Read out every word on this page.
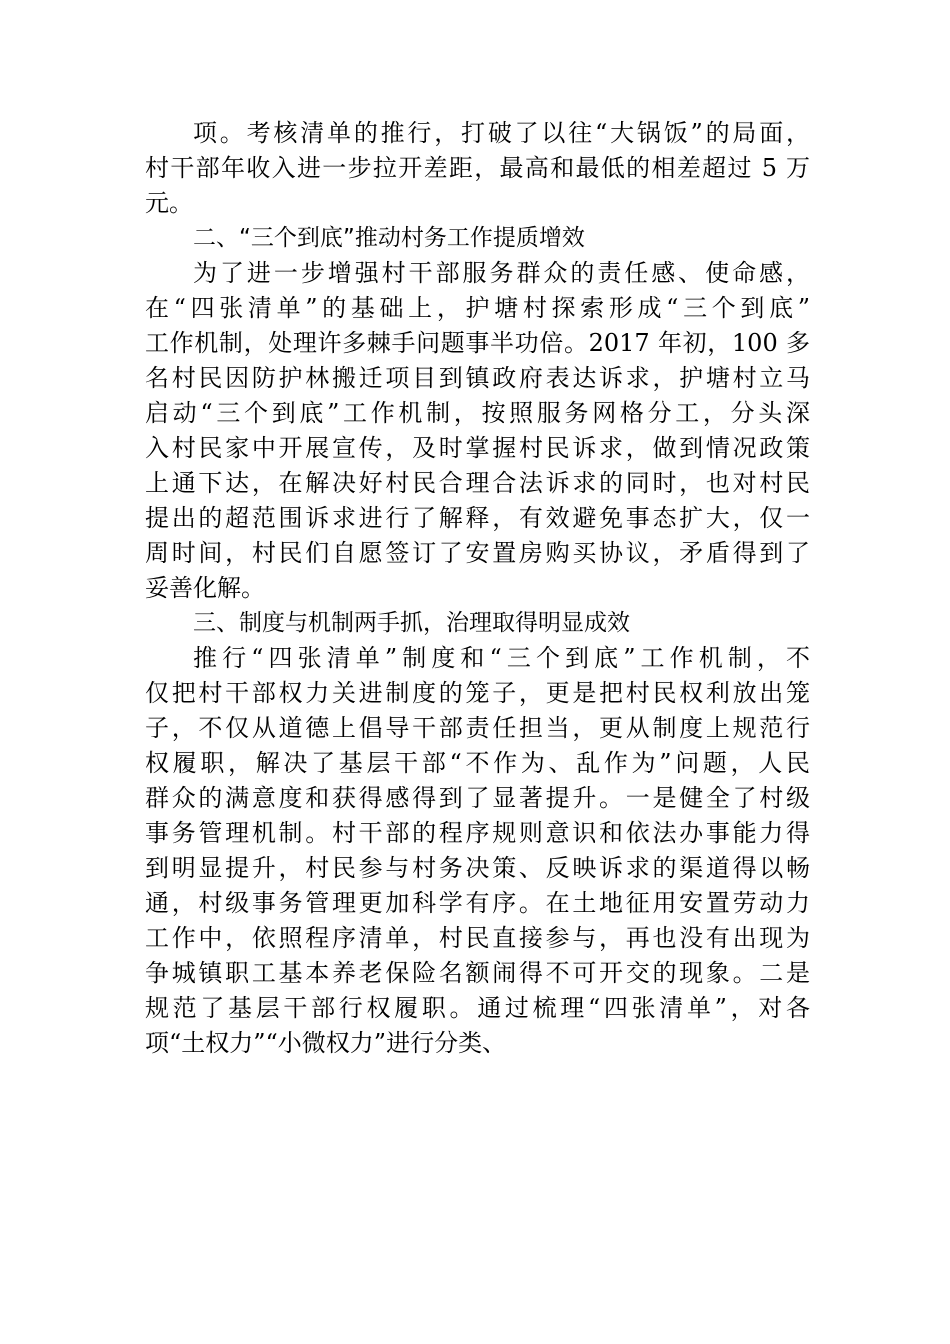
项。考核清单的推行，打破了以往“大锅饭”的局面，
村干部年收入进一步拉开差距，最高和最低的相差超过 5 万
元。
二、“三个到底”推动村务工作提质增效
为了进一步增强村干部服务群众的责任感、使命感，
在“四张清单”的基础上，护塘村探索形成“三个到底”
工作机制，处理许多棘手问题事半功倍。2017 年初，100 多
名村民因防护林搬迁项目到镇政府表达诉求，护塘村立马
启动“三个到底”工作机制，按照服务网格分工，分头深
入村民家中开展宣传，及时掌握村民诉求，做到情况政策
上通下达，在解决好村民合理合法诉求的同时，也对村民
提出的超范围诉求进行了解释，有效避免事态扩大，仅一
周时间，村民们自愿签订了安置房购买协议，矛盾得到了
妥善化解。
三、制度与机制两手抓，治理取得明显成效
推行“四张清单”制度和“三个到底”工作机制，不
仅把村干部权力关进制度的笼子，更是把村民权利放出笼
子，不仅从道德上倡导干部责任担当，更从制度上规范行
权履职，解决了基层干部“不作为、乱作为”问题，人民
群众的满意度和获得感得到了显著提升。一是健全了村级
事务管理机制。村干部的程序规则意识和依法办事能力得
到明显提升，村民参与村务决策、反映诉求的渠道得以畅
通，村级事务管理更加科学有序。在土地征用安置劳动力
工作中，依照程序清单，村民直接参与，再也没有出现为
争城镇职工基本养老保险名额闹得不可开交的现象。二是
规范了基层干部行权履职。通过梳理“四张清单”，对各
项“土权力”“小微权力”进行分类、
